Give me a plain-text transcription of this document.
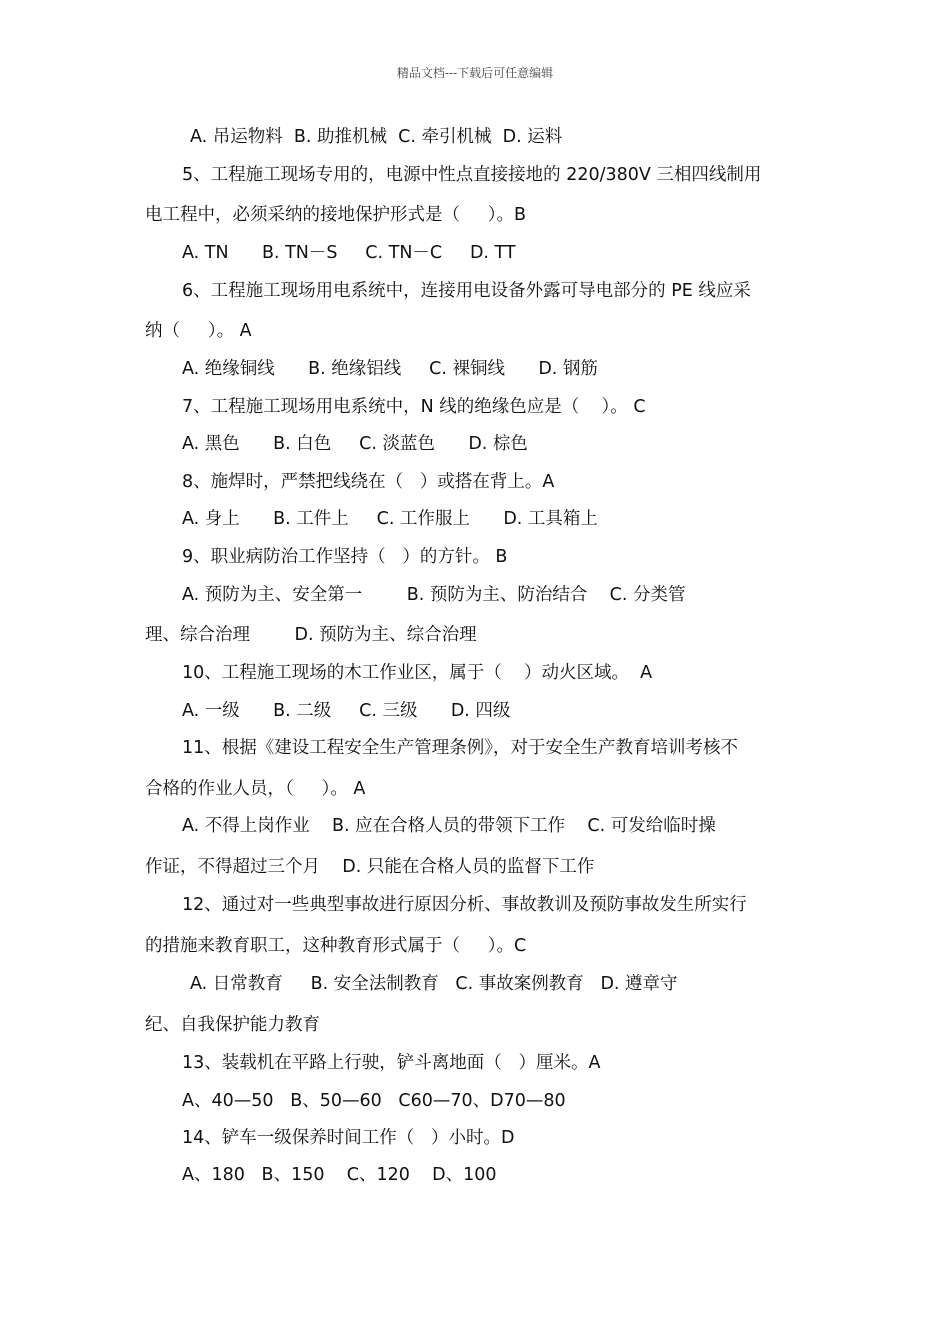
精品文档---下载后可任意编辑
A. 吊运物料  B. 助推机械  C. 牵引机械  D. 运料
5、工程施工现场专用的，电源中性点直接接地的 220/380V 三相四线制用
电工程中，必须采纳的接地保护形式是（     ）。B
A. TN      B. TN－S     C. TN－C     D. TT
6、工程施工现场用电系统中，连接用电设备外露可导电部分的 PE 线应采
纳（     ）。 A
A. 绝缘铜线      B. 绝缘铝线     C. 裸铜线      D. 钢筋
7、工程施工现场用电系统中，N 线的绝缘色应是（    ）。 C
A. 黑色      B. 白色     C. 淡蓝色      D. 棕色
8、施焊时，严禁把线绕在（   ）或搭在背上。A
A. 身上      B. 工件上     C. 工作服上      D. 工具箱上
9、职业病防治工作坚持（   ）的方针。 B
A. 预防为主、安全第一        B. 预防为主、防治结合    C. 分类管
理、综合治理        D. 预防为主、综合治理
10、工程施工现场的木工作业区，属于（    ）动火区域。  A
A. 一级      B. 二级     C. 三级      D. 四级
11、根据《建设工程安全生产管理条例》，对于安全生产教育培训考核不
合格的作业人员，（     ）。 A
A. 不得上岗作业    B. 应在合格人员的带领下工作    C. 可发给临时操
作证，不得超过三个月    D. 只能在合格人员的监督下工作
12、通过对一些典型事故进行原因分析、事故教训及预防事故发生所实行
的措施来教育职工，这种教育形式属于（     ）。C
A. 日常教育     B. 安全法制教育   C. 事故案例教育   D. 遵章守
纪、自我保护能力教育
13、装载机在平路上行驶，铲斗离地面（   ）厘米。A
A、40—50   B、50—60   C60—70、D70—80
14、铲车一级保养时间工作（   ）小时。D
A、180   B、150    C、120    D、100
